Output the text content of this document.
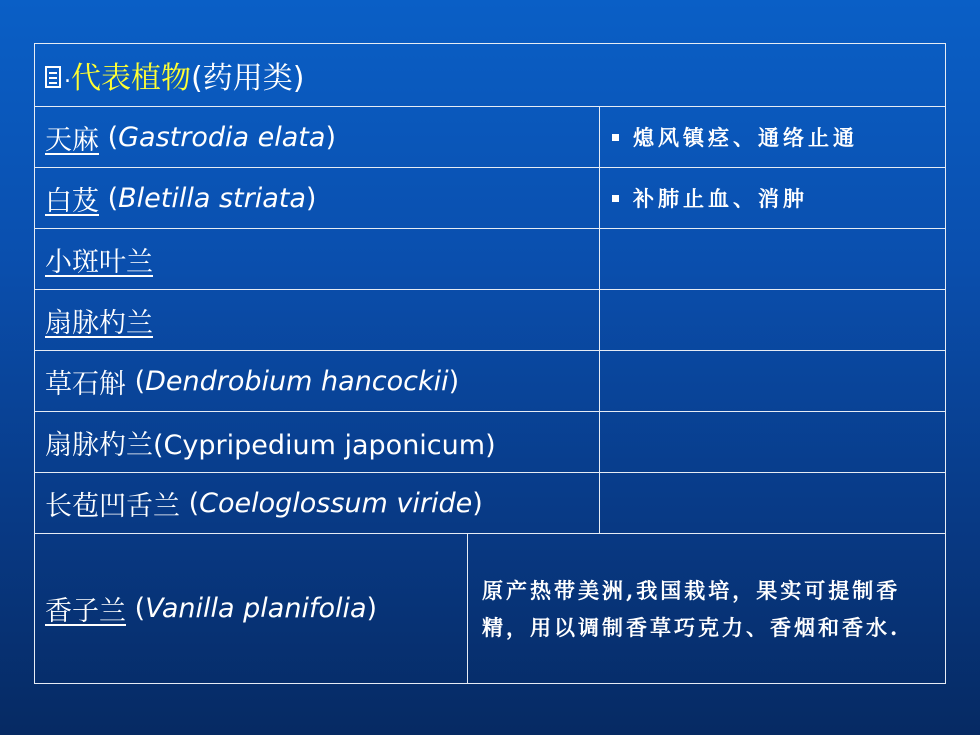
. 代表植物 (药用类)
天麻 ( Gastrodia elata )	熄风镇痉、通络止通
白芨 ( Bletilla striata )	补肺止血、消肿
小斑叶兰
扇脉杓兰
草石斛 ( Dendrobium hancockii )
扇脉杓兰(Cypripedium japonicum)
长苞凹舌兰 ( Coeloglossum viride )
香子兰 ( Vanilla planifolia )
原产热带美洲,我国栽培，果实可提制香精，用以调制香草巧克力、香烟和香水.
